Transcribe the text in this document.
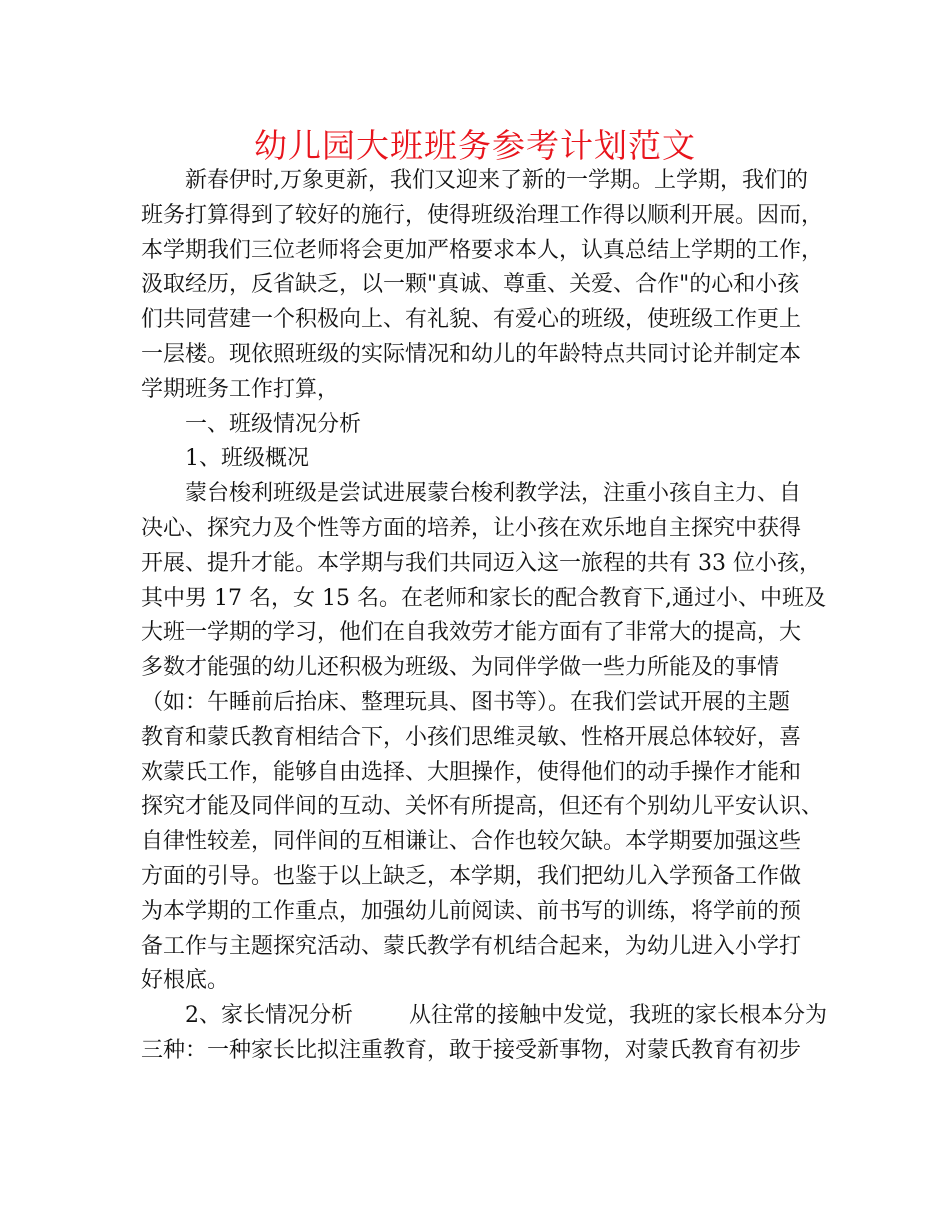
幼儿园大班班务参考计划范文
新春伊时,万象更新，我们又迎来了新的一学期。上学期，我们的
班务打算得到了较好的施行，使得班级治理工作得以顺利开展。因而，
本学期我们三位老师将会更加严格要求本人，认真总结上学期的工作，
汲取经历，反省缺乏，以一颗"真诚、尊重、关爱、合作"的心和小孩
们共同营建一个积极向上、有礼貌、有爱心的班级，使班级工作更上
一层楼。现依照班级的实际情况和幼儿的年龄特点共同讨论并制定本
学期班务工作打算，
一、班级情况分析
1、班级概况
蒙台梭利班级是尝试进展蒙台梭利教学法，注重小孩自主力、自
决心、探究力及个性等方面的培养，让小孩在欢乐地自主探究中获得
开展、提升才能。本学期与我们共同迈入这一旅程的共有 33 位小孩，
其中男 17 名，女 15 名。在老师和家长的配合教育下,通过小、中班及
大班一学期的学习，他们在自我效劳才能方面有了非常大的提高，大
多数才能强的幼儿还积极为班级、为同伴学做一些力所能及的事情
（如：午睡前后抬床、整理玩具、图书等）。在我们尝试开展的主题
教育和蒙氏教育相结合下，小孩们思维灵敏、性格开展总体较好，喜
欢蒙氏工作，能够自由选择、大胆操作，使得他们的动手操作才能和
探究才能及同伴间的互动、关怀有所提高，但还有个别幼儿平安认识、
自律性较差，同伴间的互相谦让、合作也较欠缺。本学期要加强这些
方面的引导。也鉴于以上缺乏，本学期，我们把幼儿入学预备工作做
为本学期的工作重点，加强幼儿前阅读、前书写的训练，将学前的预
备工作与主题探究活动、蒙氏教学有机结合起来，为幼儿进入小学打
好根底。
2、家长情况分析        从往常的接触中发觉，我班的家长根本分为
三种：一种家长比拟注重教育，敢于接受新事物，对蒙氏教育有初步
